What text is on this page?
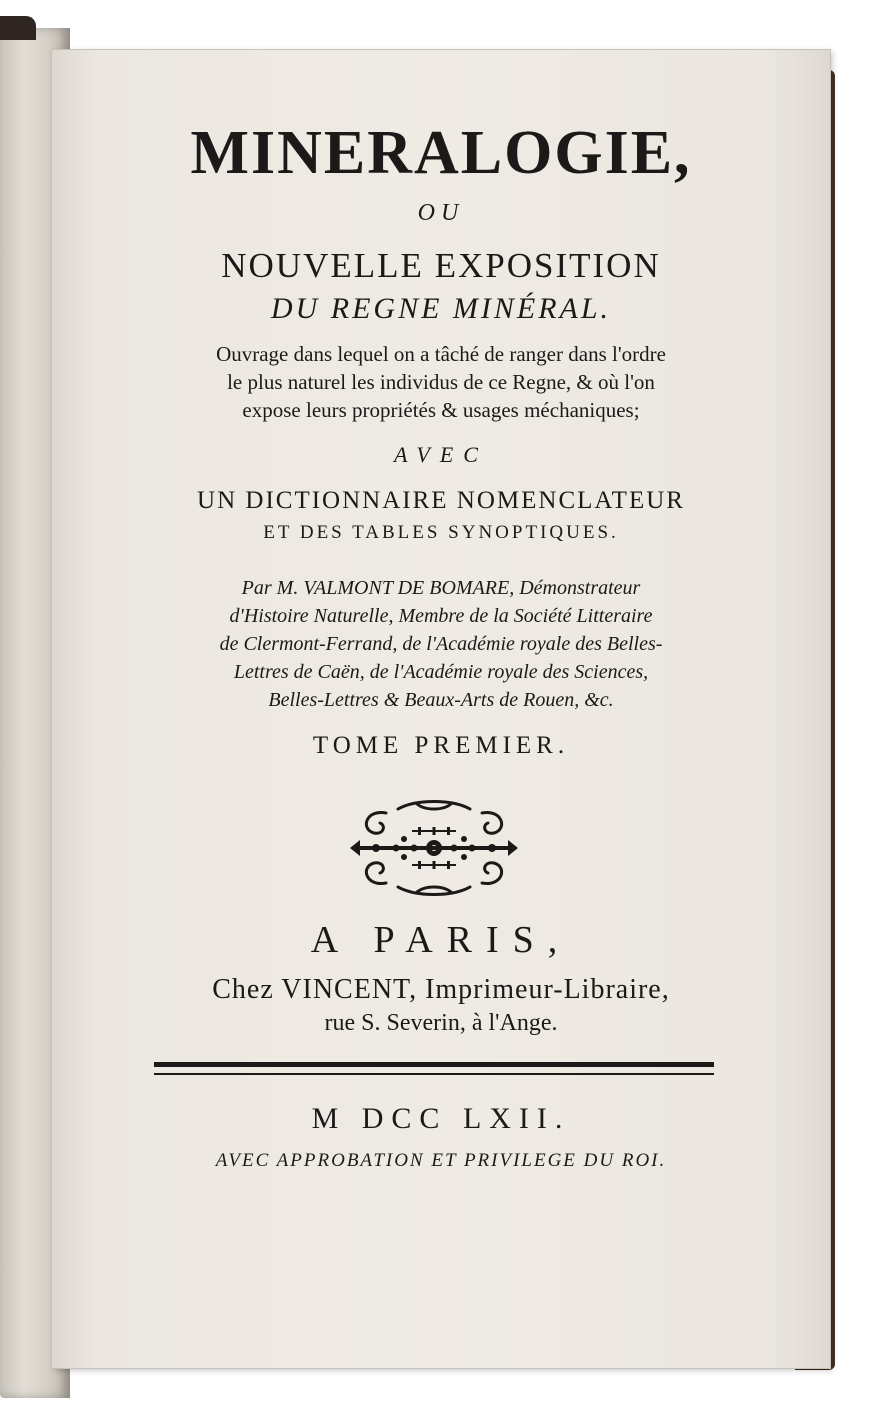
MINERALOGIE,
OU
NOUVELLE EXPOSITION
DU REGNE MINÉRAL.
Ouvrage dans lequel on a tâché de ranger dans l'ordre
le plus naturel les individus de ce Regne, & où l'on
expose leurs propriétés & usages méchaniques;
AVEC
UN DICTIONNAIRE NOMENCLATEUR
ET DES TABLES SYNOPTIQUES.
Par M. VALMONT DE BOMARE, Démonstrateur
d'Histoire Naturelle, Membre de la Société Litteraire
de Clermont-Ferrand, de l'Académie royale des Belles-
Lettres de Caën, de l'Académie royale des Sciences,
Belles-Lettres & Beaux-Arts de Rouen, &c.
TOME PREMIER.
A PARIS,
Chez VINCENT, Imprimeur-Libraire,
rue S. Severin, à l'Ange.
M DCC LXII.
AVEC APPROBATION ET PRIVILEGE DU ROI.
